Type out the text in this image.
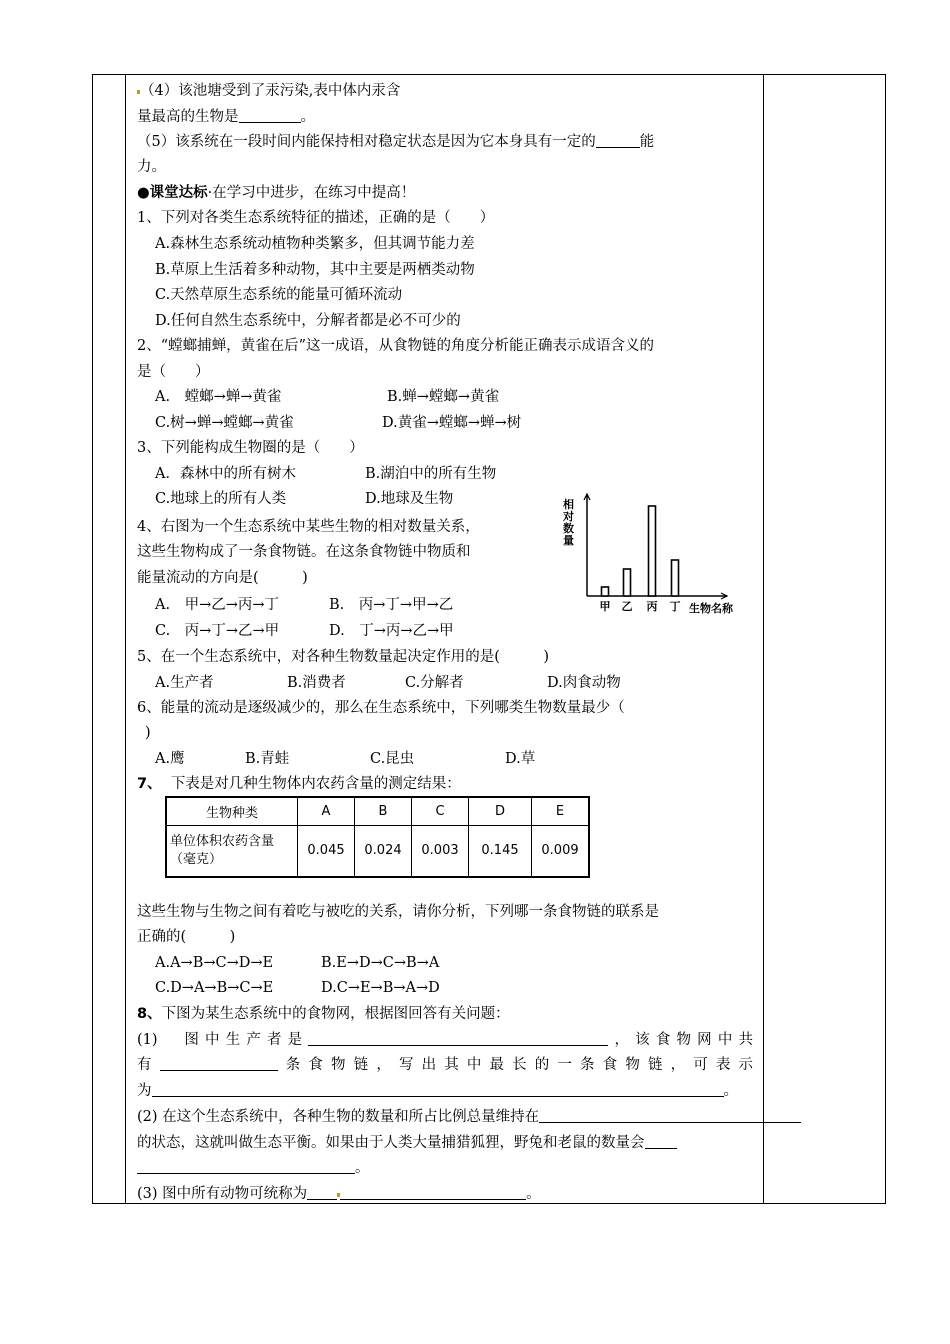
（4）该池塘受到了汞污染,表中体内汞含
量最高的生物是	。
（5）该系统在一段时间内能保持相对稳定状态是因为它本身具有一定的	能
力。
●课堂达标·在学习中进步，在练习中提高！
1、下列对各类生态系统特征的描述，正确的是（　　）
A.森林生态系统动植物种类繁多，但其调节能力差
B.草原上生活着多种动物，其中主要是两栖类动物
C.天然草原生态系统的能量可循环流动
D.任何自然生态系统中，分解者都是必不可少的
2、“螳螂捕蝉，黄雀在后”这一成语，从食物链的角度分析能正确表示成语含义的
是（　　）
A.　螳螂→蝉→黄雀	B.蝉→螳螂→黄雀
C.树→蝉→螳螂→黄雀	D.黄雀→螳螂→蝉→树
3、下列能构成生物圈的是（　　）
A．森林中的所有树木	B.湖泊中的所有生物
C.地球上的所有人类	D.地球及生物
4、右图为一个生态系统中某些生物的相对数量关系，
这些生物构成了一条食物链。在这条食物链中物质和
能量流动的方向是(　　　)
A.　甲→乙→丙→丁	B.　丙→丁→甲→乙
C.　丙→丁→乙→甲	D.　丁→丙→乙→甲
相对数量
甲 乙 丙 丁 生物名称
5、在一个生态系统中，对各种生物数量起决定作用的是(　　　)
A.生产者	B.消费者	C.分解者	D.肉食动物
6、能量的流动是逐级减少的，那么在生态系统中，下列哪类生物数量最少（
)
A.鹰	B.青蛙	C.昆虫	D.草
7、 下表是对几种生物体内农药含量的测定结果：
生物种类	A	B	C	D	E
单位体积农药含量（毫克）	0.045	0.024	0.003	0.145	0.009
这些生物与生物之间有着吃与被吃的关系，请你分析，下列哪一条食物链的联系是
正确的(　　　)
A.A→B→C→D→E	B.E→D→C→B→A
C.D→A→B→C→E	D.C→E→B→A→D
8、下图为某生态系统中的食物网，根据图回答有关问题：
(1)　图中生产者是	，该食物网中共
有	条食物链，写出其中最长的一条食物链，可表示
为	。
(2) 在这个生态系统中，各种生物的数量和所占比例总量维持在
的状态，这就叫做生态平衡。如果由于人类大量捕猎狐狸，野兔和老鼠的数量会
。
(3) 图中所有动物可统称为	。
